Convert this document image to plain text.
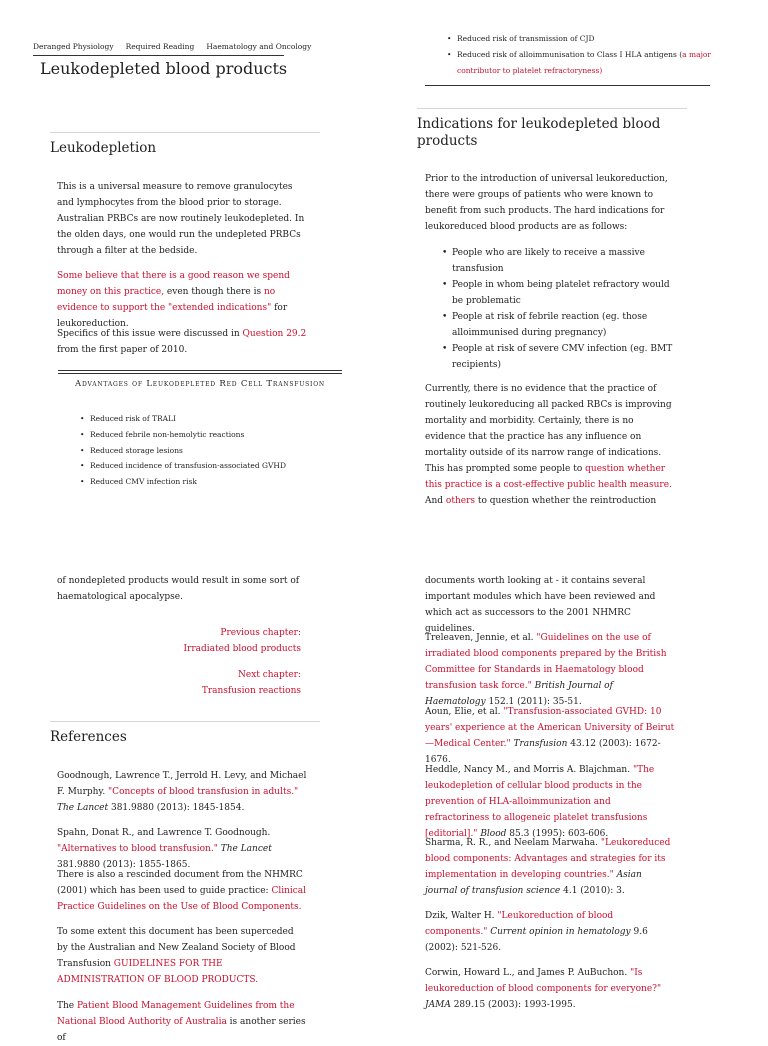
Deranged Physiology Required Reading Haematology and Oncology
Leukodepleted blood products
• Reduced risk of transmission of CJD
• Reduced risk of alloimmunisation to Class I HLA antigens (a major contributor to platelet refractoryness)
Leukodepletion

This is a universal measure to remove granulocytes and lymphocytes from the blood prior to storage. Australian PRBCs are now routinely leukodepleted. In the olden days, one would run the undepleted PRBCs through a filter at the bedside.

Some believe that there is a good reason we spend money on this practice, even though there is no evidence to support the "extended indications" for leukoreduction.

Specifics of this issue were discussed in Question 29.2 from the first paper of 2010.

Advantages of Leukodepleted Red Cell Transfusion
• Reduced risk of TRALI
• Reduced febrile non-hemolytic reactions
• Reduced storage lesions
• Reduced incidence of transfusion-associated GVHD
• Reduced CMV infection risk
Indications for leukodepleted blood products

Prior to the introduction of universal leukoreduction, there were groups of patients who were known to benefit from such products. The hard indications for leukoreduced blood products are as follows:

• People who are likely to receive a massive transfusion
• People in whom being platelet refractory would be problematic
• People at risk of febrile reaction (eg. those alloimmunised during pregnancy)
• People at risk of severe CMV infection (eg. BMT recipients)

Currently, there is no evidence that the practice of routinely leukoreducing all packed RBCs is improving mortality and morbidity. Certainly, there is no evidence that the practice has any influence on mortality outside of its narrow range of indications. This has prompted some people to question whether this practice is a cost-effective public health measure. And others to question whether the reintroduction

of nondepleted products would result in some sort of haematological apocalypse.

Previous chapter:
Irradiated blood products
Next chapter:
Transfusion reactions
References

Goodnough, Lawrence T., Jerrold H. Levy, and Michael F. Murphy. "Concepts of blood transfusion in adults." The Lancet 381.9880 (2013): 1845-1854.

Spahn, Donat R., and Lawrence T. Goodnough. "Alternatives to blood transfusion." The Lancet 381.9880 (2013): 1855-1865.

There is also a rescinded document from the NHMRC (2001) which has been used to guide practice: Clinical Practice Guidelines on the Use of Blood Components.

To some extent this document has been superceded by the Australian and New Zealand Society of Blood Transfusion GUIDELINES FOR THE ADMINISTRATION OF BLOOD PRODUCTS.

The Patient Blood Management Guidelines from the National Blood Authority of Australia is another series of

documents worth looking at - it contains several important modules which have been reviewed and which act as successors to the 2001 NHMRC guidelines.

Treleaven, Jennie, et al. "Guidelines on the use of irradiated blood components prepared by the British Committee for Standards in Haematology blood transfusion task force." British Journal of Haematology 152.1 (2011): 35-51.

Aoun, Elie, et al. "Transfusion-associated GVHD: 10 years' experience at the American University of Beirut—Medical Center." Transfusion 43.12 (2003): 1672-1676.

Heddle, Nancy M., and Morris A. Blajchman. "The leukodepletion of cellular blood products in the prevention of HLA-alloimmunization and refractoriness to allogeneic platelet transfusions [editorial]." Blood 85.3 (1995): 603-606.

Sharma, R. R., and Neelam Marwaha. "Leukoreduced blood components: Advantages and strategies for its implementation in developing countries." Asian journal of transfusion science 4.1 (2010): 3.

Dzik, Walter H. "Leukoreduction of blood components." Current opinion in hematology 9.6 (2002): 521-526.

Corwin, Howard L., and James P. AuBuchon. "Is leukoreduction of blood components for everyone?" JAMA 289.15 (2003): 1993-1995.
